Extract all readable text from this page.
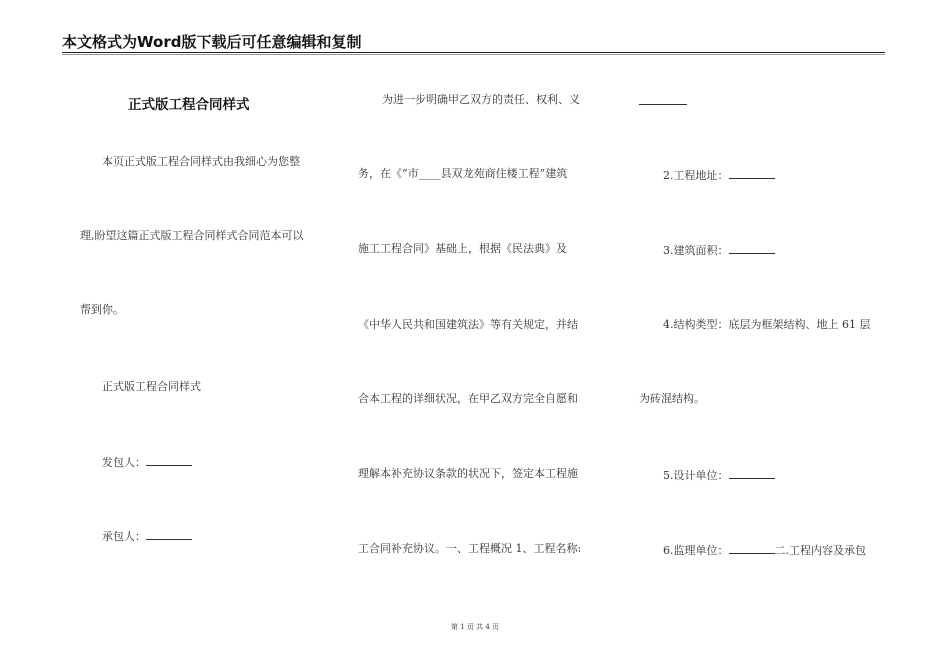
本文格式为Word版下载后可任意编辑和复制
正式版工程合同样式
本页正式版工程合同样式由我细心为您整
理,盼望这篇正式版工程合同样式合同范本可以
帮到你。
正式版工程合同样式
发包人：
承包人：
为进一步明确甲乙双方的责任、权利、义
务，在《“市____县双龙苑商住楼工程”建筑
施工工程合同》基础上，根据《民法典》及
《中华人民共和国建筑法》等有关规定，并结
合本工程的详细状况，在甲乙双方完全自愿和
理解本补充协议条款的状况下，签定本工程施
工合同补充协议。一、工程概况 1、工程名称:
2.工程地址：
3.建筑面积：
4.结构类型：底层为框架结构、地上 61 层
为砖混结构。
5.设计单位：
6.监理单位：	二.工程内容及承包
第 1 页 共 4 页
